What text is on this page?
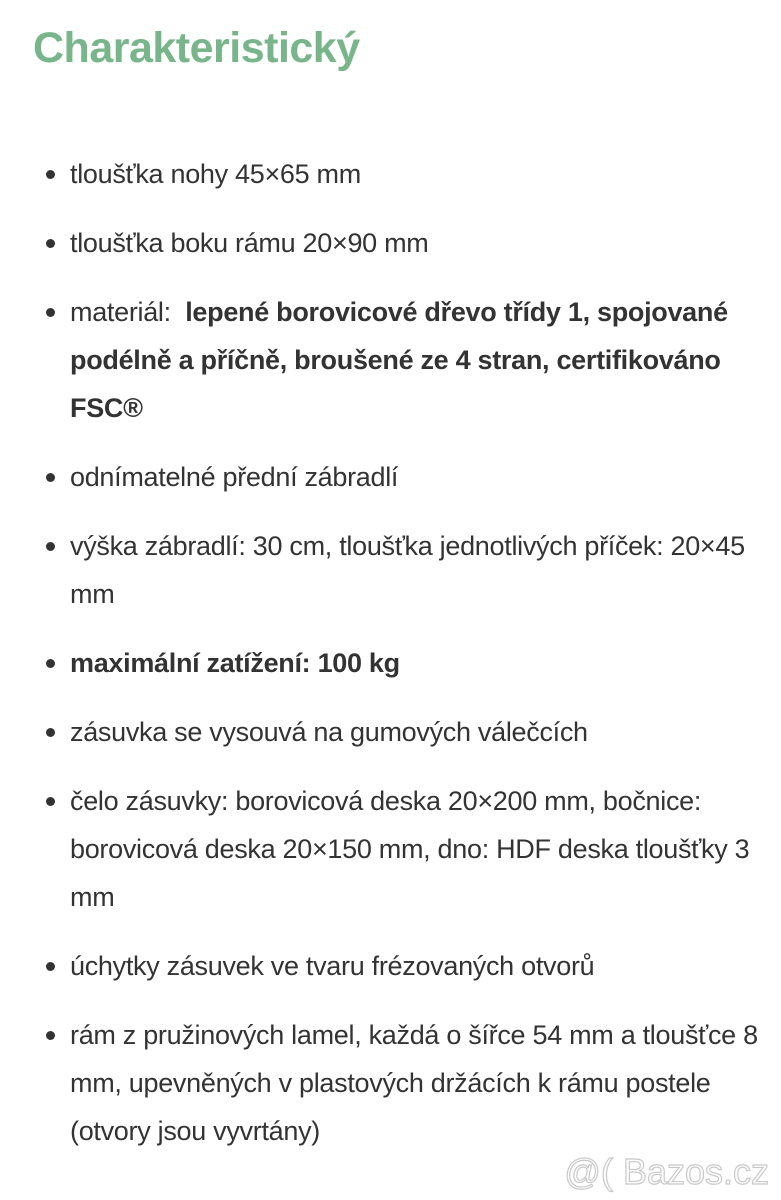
Charakteristický
tloušťka nohy 45×65 mm
tloušťka boku rámu 20×90 mm
materiál:  lepené borovicové dřevo třídy 1, spojované podélně a příčně, broušené ze 4 stran, certifikováno FSC®
odnímatelné přední zábradlí
výška zábradlí: 30 cm, tloušťka jednotlivých příček: 20×45 mm
maximální zatížení: 100 kg
zásuvka se vysouvá na gumových válečcích
čelo zásuvky: borovicová deska 20×200 mm, bočnice: borovicová deska 20×150 mm, dno: HDF deska tloušťky 3 mm
úchytky zásuvek ve tvaru frézovaných otvorů
rám z pružinových lamel, každá o šířce 54 mm a tloušťce 8 mm, upevněných v plastových držácích k rámu postele (otvory jsou vyvrtány)
@( Bazos.cz
